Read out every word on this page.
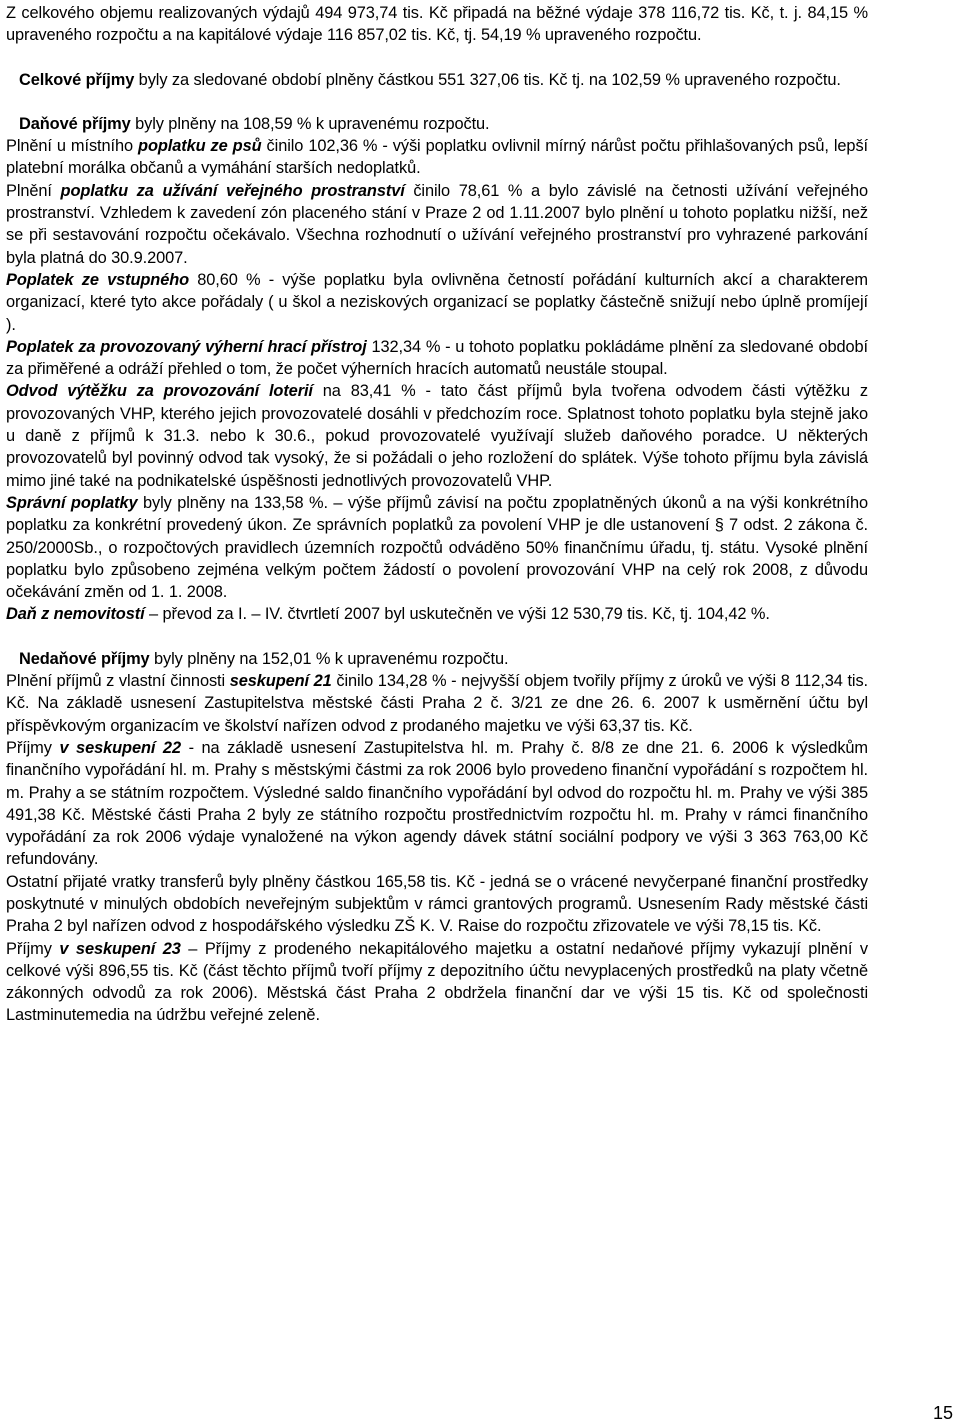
Z celkového objemu realizovaných výdajů 494 973,74 tis. Kč připadá na běžné výdaje 378 116,72 tis. Kč, t. j. 84,15 % upraveného rozpočtu a na kapitálové výdaje 116 857,02 tis. Kč, tj. 54,19 % upraveného rozpočtu.

Celkové příjmy byly za sledované období plněny částkou 551 327,06 tis. Kč tj. na 102,59 % upraveného rozpočtu.

Daňové příjmy byly plněny na 108,59 % k upravenému rozpočtu.

Plnění u místního poplatku ze psů činilo 102,36 % - výši poplatku ovlivnil mírný nárůst počtu přihlašovaných psů, lepší platební morálka občanů a vymáhání starších nedoplatků.

Plnění poplatku za užívání veřejného prostranství činilo 78,61 % a bylo závislé na četnosti užívání veřejného prostranství. Vzhledem k zavedení zón placeného stání v Praze 2 od 1.11.2007 bylo plnění u tohoto poplatku nižší, než se při sestavování rozpočtu očekávalo. Všechna rozhodnutí o užívání veřejného prostranství pro vyhrazené parkování byla platná do 30.9.2007.

Poplatek ze vstupného 80,60 % - výše poplatku byla ovlivněna četností pořádání kulturních akcí a charakterem organizací, které tyto akce pořádaly ( u škol a neziskových organizací se poplatky částečně snižují nebo úplně promíjejí ).

Poplatek za provozovaný výherní hrací přístroj 132,34 % - u tohoto poplatku pokládáme plnění za sledované období za přiměřené a odráží přehled o tom, že počet výherních hracích automatů neustále stoupal.

Odvod výtěžku za provozování loterií na 83,41 % - tato část příjmů byla tvořena odvodem části výtěžku z provozovaných VHP, kterého jejich provozovatelé dosáhli v předchozím roce. Splatnost tohoto poplatku byla stejně jako u daně z příjmů k 31.3. nebo k 30.6., pokud provozovatelé využívají služeb daňového poradce. U některých provozovatelů byl povinný odvod tak vysoký, že si požádali o jeho rozložení do splátek. Výše tohoto příjmu byla závislá mimo jiné také na podnikatelské úspěšnosti jednotlivých provozovatelů VHP.

Správní poplatky byly plněny na 133,58 %. – výše příjmů závisí na počtu zpoplatněných úkonů a na výši konkrétního poplatku za konkrétní provedený úkon. Ze správních poplatků za povolení VHP je dle ustanovení § 7 odst. 2 zákona č. 250/2000Sb., o rozpočtových pravidlech územních rozpočtů odváděno 50% finančnímu úřadu, tj. státu. Vysoké plnění poplatku bylo způsobeno zejména velkým počtem žádostí o povolení provozování VHP na celý rok 2008, z důvodu očekávání změn od 1. 1. 2008.

Daň z nemovitostí – převod za I. – IV. čtvrtletí 2007 byl uskutečněn ve výši 12 530,79 tis. Kč, tj. 104,42 %.

Nedaňové příjmy byly plněny na 152,01 % k upravenému rozpočtu.

Plnění příjmů z vlastní činnosti seskupení 21 činilo 134,28 % - nejvyšší objem tvořily příjmy z úroků ve výši 8 112,34 tis. Kč. Na základě usnesení Zastupitelstva městské části Praha 2 č. 3/21 ze dne 26. 6. 2007 k usměrnění účtu byl příspěvkovým organizacím ve školství nařízen odvod z prodaného majetku ve výši 63,37 tis. Kč.

Příjmy v seskupení 22 - na základě usnesení Zastupitelstva hl. m. Prahy č. 8/8 ze dne 21. 6. 2006 k výsledkům finančního vypořádání hl. m. Prahy s městskými částmi za rok 2006 bylo provedeno finanční vypořádání s rozpočtem hl. m. Prahy a se státním rozpočtem. Výsledné saldo finančního vypořádání byl odvod do rozpočtu hl. m. Prahy ve výši 385 491,38 Kč. Městské části Praha 2 byly ze státního rozpočtu prostřednictvím rozpočtu hl. m. Prahy v rámci finančního vypořádání za rok 2006 výdaje vynaložené na výkon agendy dávek státní sociální podpory ve výši 3 363 763,00 Kč refundovány.

Ostatní přijaté vratky transferů byly plněny částkou 165,58 tis. Kč - jedná se o vrácené nevyčerpané finanční prostředky poskytnuté v minulých obdobích neveřejným subjektům v rámci grantových programů. Usnesením Rady městské části Praha 2 byl nařízen odvod z hospodářského výsledku ZŠ K. V. Raise do rozpočtu zřizovatele ve výši 78,15 tis. Kč.

Příjmy v seskupení 23 – Příjmy z prodeného nekapitálového majetku a ostatní nedaňové příjmy vykazují plnění v celkové výši 896,55 tis. Kč (část těchto příjmů tvoří příjmy z depozitního účtu nevyplacených prostředků na platy včetně zákonných odvodů za rok 2006). Městská část Praha 2 obdržela finanční dar ve výši 15 tis. Kč od společnosti Lastminutemedia na údržbu veřejné zeleně.

15
